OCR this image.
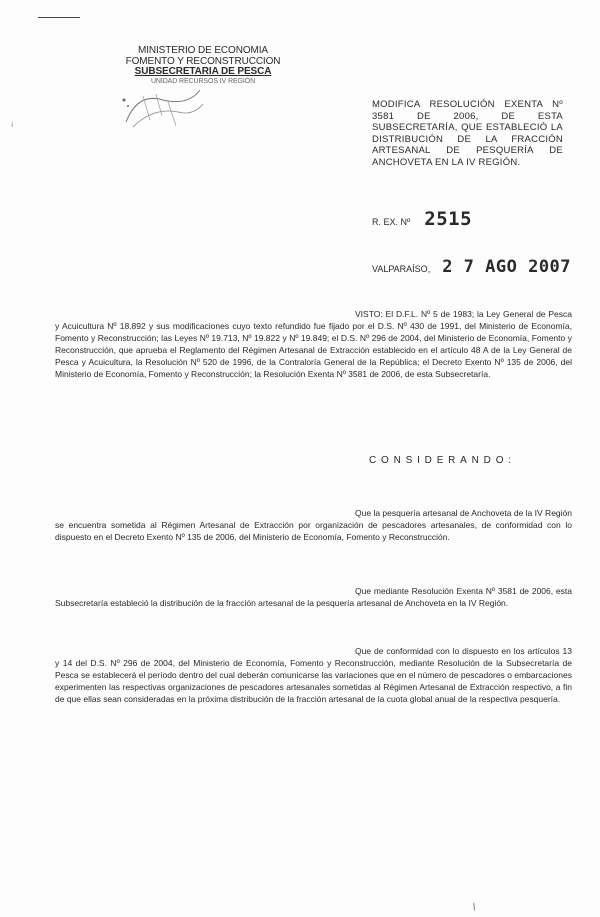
ꜟ
MINISTERIO DE ECONOMIA
FOMENTO Y RECONSTRUCCION
SUBSECRETARIA DE PESCA
UNIDAD RECURSOS IV REGIÓN
MODIFICA RESOLUCIÓN EXENTA Nº 3581 DE 2006, DE ESTA SUBSECRETARÍA, QUE ESTABLECIÓ LA DISTRIBUCIÓN DE LA FRACCIÓN ARTESANAL DE PESQUERÍA DE ANCHOVETA EN LA IV REGIÓN.
R. EX. Nº 2515
VALPARAÍSO, 2 7 AGO 2007
VISTO: El D.F.L. Nº 5 de 1983; la Ley General de Pesca y Acuicultura Nº 18.892 y sus modificaciones cuyo texto refundido fue fijado por el D.S. Nº 430 de 1991, del Ministerio de Economía, Fomento y Reconstrucción; las Leyes Nº 19.713, Nº 19.822 y Nº 19.849; el D.S. Nº 296 de 2004, del Ministerio de Economía, Fomento y Reconstrucción, que aprueba el Reglamento del Régimen Artesanal de Extracción establecido en el artículo 48 A de la Ley General de Pesca y Acuicultura, la Resolución Nº 520 de 1996, de la Contraloría General de la República; el Decreto Exento Nº 135 de 2006, del Ministerio de Economía, Fomento y Reconstrucción; la Resolución Exenta Nº 3581 de 2006, de esta Subsecretaría.
CONSIDERANDO:
Que la pesquería artesanal de Anchoveta de la IV Región se encuentra sometida al Régimen Artesanal de Extracción por organización de pescadores artesanales, de conformidad con lo dispuesto en el Decreto Exento Nº 135 de 2006, del Ministerio de Economía, Fomento y Reconstrucción.
Que mediante Resolución Exenta Nº 3581 de 2006, esta Subsecretaría estableció la distribución de la fracción artesanal de la pesquería artesanal de Anchoveta en la IV Región.
Que de conformidad con lo dispuesto en los artículos 13 y 14 del D.S. Nº 296 de 2004, del Ministerio de Economía, Fomento y Reconstrucción, mediante Resolución de la Subsecretaría de Pesca se establecerá el período dentro del cual deberán comunicarse las variaciones que en el número de pescadores o embarcaciones experimenten las respectivas organizaciones de pescadores artesanales sometidas al Régimen Artesanal de Extracción respectivo, a fin de que ellas sean consideradas en la próxima distribución de la fracción artesanal de la cuota global anual de la respectiva pesquería.
/
